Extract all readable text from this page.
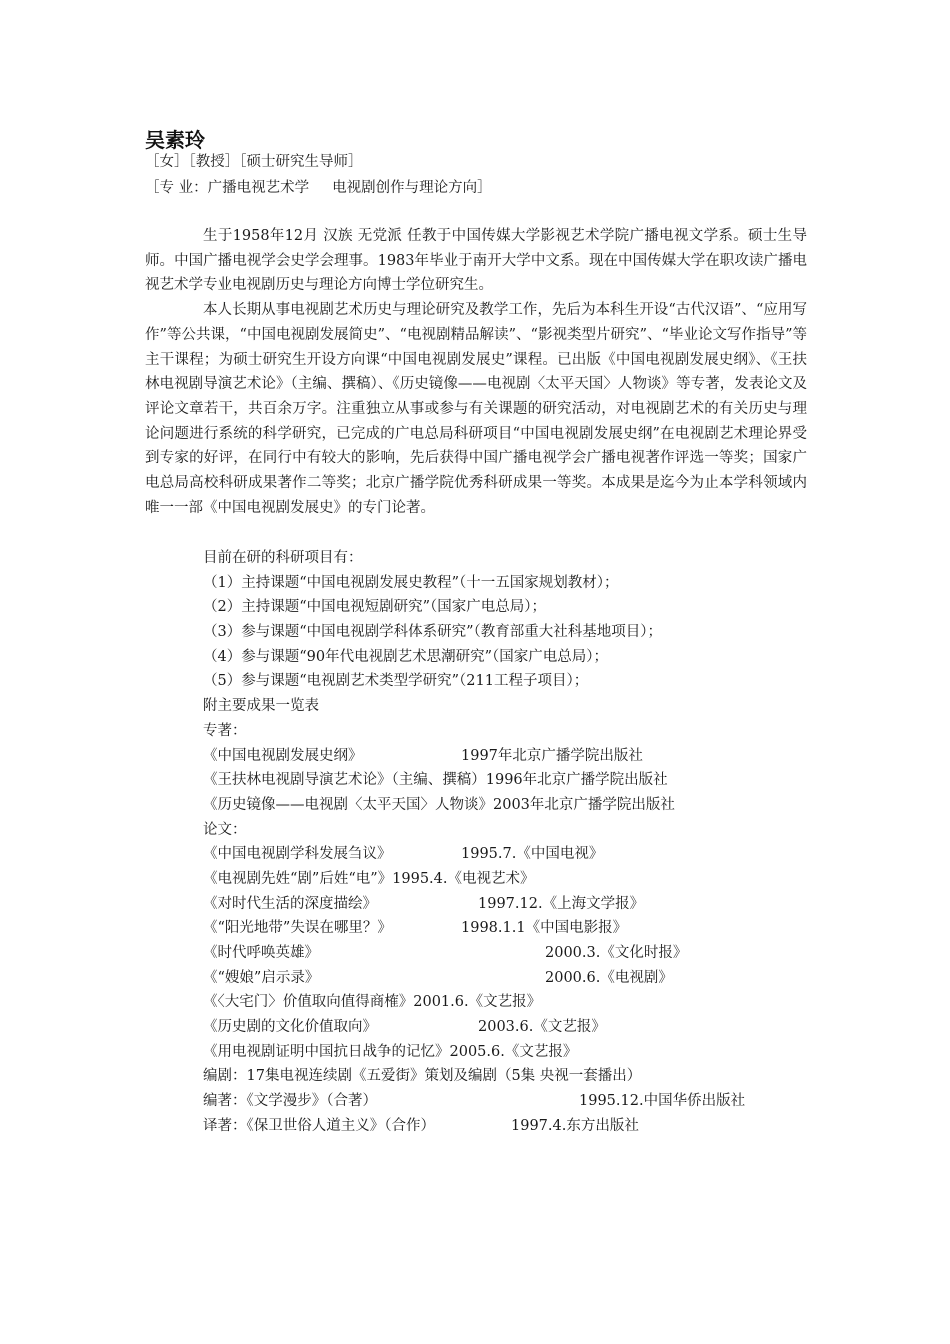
吴素玲
［女］［教授］［硕士研究生导师］
［专 业：广播电视艺术学     电视剧创作与理论方向］

生于1958年12月 汉族 无党派 任教于中国传媒大学影视艺术学院广播电视文学系。硕士生导师。中国广播电视学会史学会理事。1983年毕业于南开大学中文系。现在中国传媒大学在职攻读广播电视艺术学专业电视剧历史与理论方向博士学位研究生。

本人长期从事电视剧艺术历史与理论研究及教学工作，先后为本科生开设“古代汉语”、“应用写作”等公共课，“中国电视剧发展简史”、“电视剧精品解读”、“影视类型片研究”、“毕业论文写作指导”等主干课程；为硕士研究生开设方向课“中国电视剧发展史”课程。已出版《中国电视剧发展史纲》、《王扶林电视剧导演艺术论》（主编、撰稿）、《历史镜像——电视剧〈太平天国〉人物谈》等专著，发表论文及评论文章若干，共百余万字。注重独立从事或参与有关课题的研究活动，对电视剧艺术的有关历史与理论问题进行系统的科学研究，已完成的广电总局科研项目“中国电视剧发展史纲”在电视剧艺术理论界受到专家的好评，在同行中有较大的影响，先后获得中国广播电视学会广播电视著作评选一等奖；国家广电总局高校科研成果著作二等奖；北京广播学院优秀科研成果一等奖。本成果是迄今为止本学科领域内唯一一部《中国电视剧发展史》的专门论著。

目前在研的科研项目有：
（1）主持课题“中国电视剧发展史教程”（十一五国家规划教材）；
（2）主持课题“中国电视短剧研究”（国家广电总局）；
（3）参与课题“中国电视剧学科体系研究”（教育部重大社科基地项目）；
（4）参与课题“90年代电视剧艺术思潮研究”（国家广电总局）；
（5）参与课题“电视剧艺术类型学研究”（211工程子项目）；
附主要成果一览表
专著：
《中国电视剧发展史纲》	1997年北京广播学院出版社
《王扶林电视剧导演艺术论》（主编、撰稿）1996年北京广播学院出版社
《历史镜像——电视剧〈太平天国〉人物谈》2003年北京广播学院出版社
论文：
《中国电视剧学科发展刍议》	1995.7.《中国电视》
《电视剧先姓“剧”后姓“电”》1995.4.《电视艺术》
《对时代生活的深度描绘》	1997.12.《上海文学报》
《“阳光地带”失误在哪里？》	1998.1.1《中国电影报》
《时代呼唤英雄》	2000.3.《文化时报》
《“嫂娘”启示录》	2000.6.《电视剧》
《〈大宅门〉价值取向值得商榷》2001.6.《文艺报》
《历史剧的文化价值取向》	2003.6.《文艺报》
《用电视剧证明中国抗日战争的记忆》2005.6.《文艺报》
编剧：17集电视连续剧《五爱街》策划及编剧（5集 央视一套播出）
编著：《文学漫步》（合著）	1995.12.中国华侨出版社
译著：《保卫世俗人道主义》（合作）	1997.4.东方出版社
